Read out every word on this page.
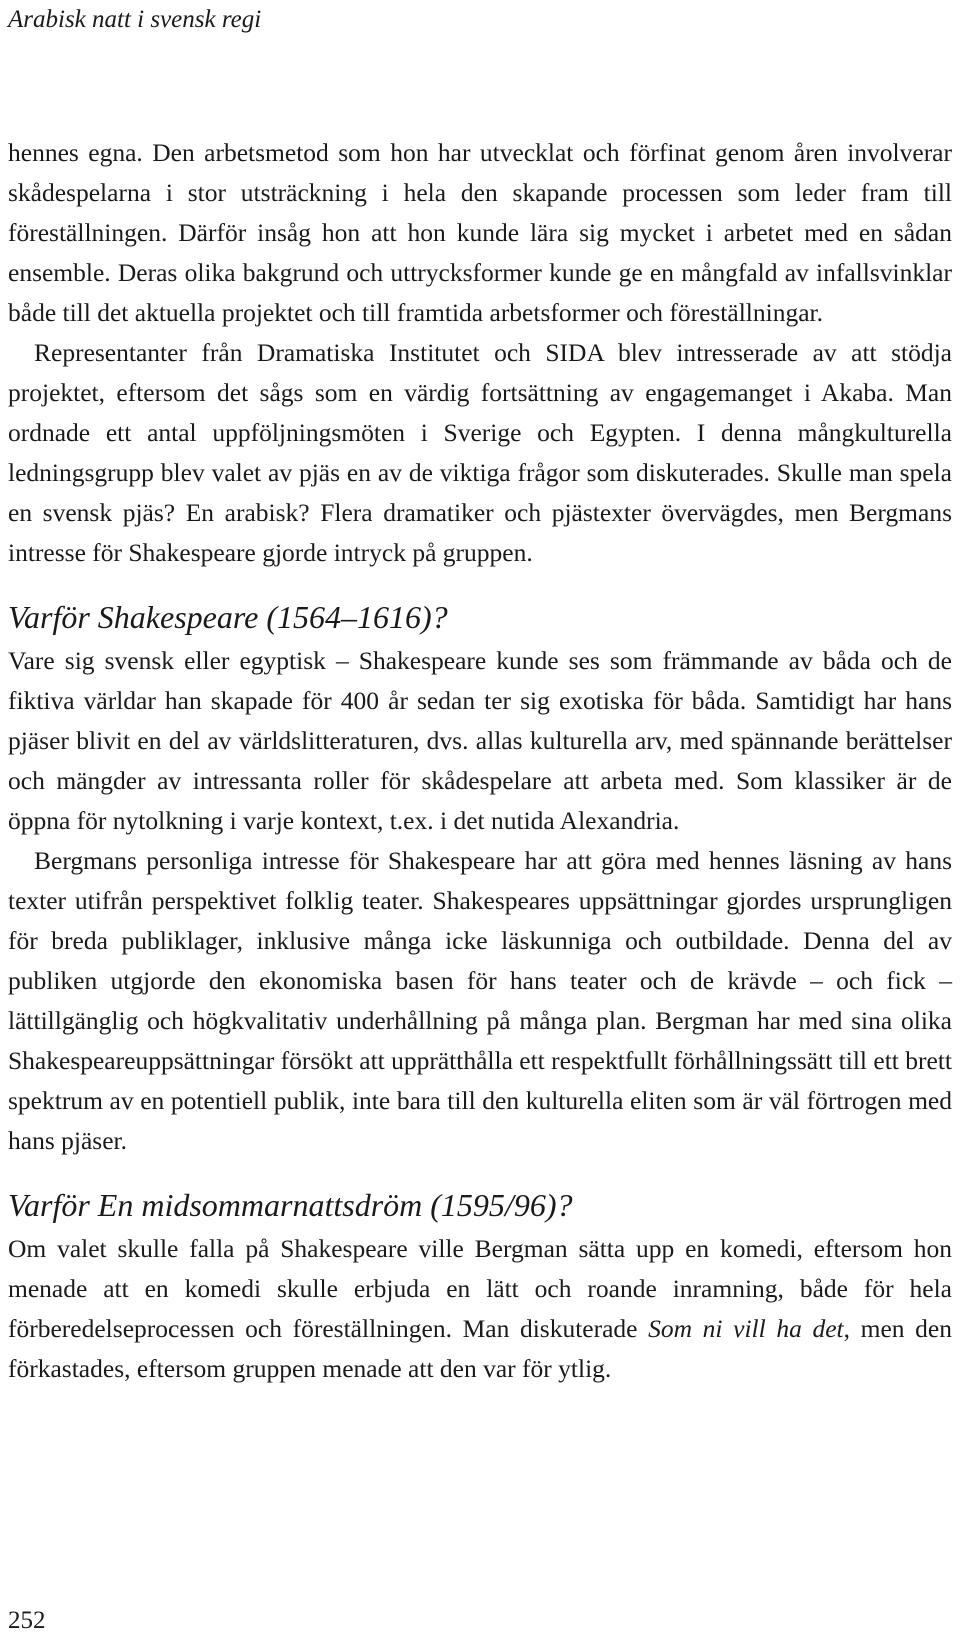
Arabisk natt i svensk regi

hennes egna. Den arbetsmetod som hon har utvecklat och förfinat genom åren involverar skådespelarna i stor utsträckning i hela den skapande processen som leder fram till föreställningen. Därför insåg hon att hon kunde lära sig mycket i arbetet med en sådan ensemble. Deras olika bakgrund och uttrycksformer kunde ge en mångfald av infallsvinklar både till det aktuella projektet och till framtida arbetsformer och föreställningar.

Representanter från Dramatiska Institutet och SIDA blev intresserade av att stödja projektet, eftersom det sågs som en värdig fortsättning av engagemanget i Akaba. Man ordnade ett antal uppföljningsmöten i Sverige och Egypten. I denna mångkulturella ledningsgrupp blev valet av pjäs en av de viktiga frågor som diskuterades. Skulle man spela en svensk pjäs? En arabisk? Flera dramatiker och pjästexter övervägdes, men Bergmans intresse för Shakespeare gjorde intryck på gruppen.

Varför Shakespeare (1564–1616)?

Vare sig svensk eller egyptisk – Shakespeare kunde ses som främmande av båda och de fiktiva världar han skapade för 400 år sedan ter sig exotiska för båda. Samtidigt har hans pjäser blivit en del av världslitteraturen, dvs. allas kulturella arv, med spännande berättelser och mängder av intressanta roller för skådespelare att arbeta med. Som klassiker är de öppna för nytolkning i varje kontext, t.ex. i det nutida Alexandria.

Bergmans personliga intresse för Shakespeare har att göra med hennes läsning av hans texter utifrån perspektivet folklig teater. Shakespeares uppsättningar gjordes ursprungligen för breda publiklager, inklusive många icke läskunniga och outbildade. Denna del av publiken utgjorde den ekonomiska basen för hans teater och de krävde – och fick – lättillgänglig och högkvalitativ underhållning på många plan. Bergman har med sina olika Shakespeareuppsättningar försökt att upprätthålla ett respektfullt förhållningssätt till ett brett spektrum av en potentiell publik, inte bara till den kulturella eliten som är väl förtrogen med hans pjäser.

Varför En midsommarnattsdröm (1595/96)?

Om valet skulle falla på Shakespeare ville Bergman sätta upp en komedi, eftersom hon menade att en komedi skulle erbjuda en lätt och roande inramning, både för hela förberedelseprocessen och föreställningen. Man diskuterade Som ni vill ha det, men den förkastades, eftersom gruppen menade att den var för ytlig.

252
